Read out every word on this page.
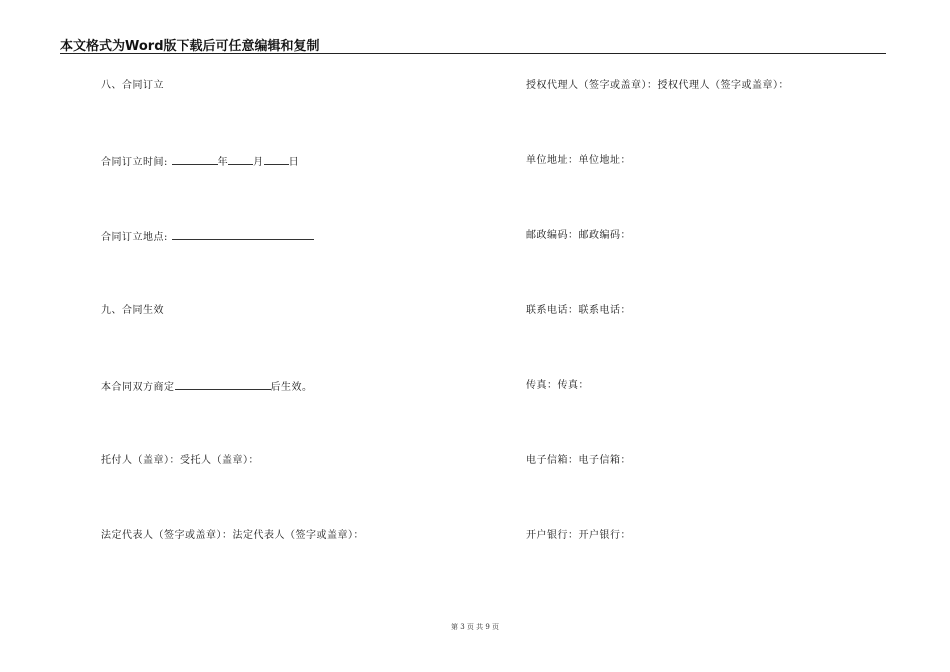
本文格式为Word版下载后可任意编辑和复制
八、合同订立
合同订立时间:	年	月	日
合同订立地点:
九、合同生效
本合同双方商定	后生效。
托付人（盖章）：受托人（盖章）：
法定代表人（签字或盖章）：法定代表人（签字或盖章）：
授权代理人（签字或盖章）：授权代理人（签字或盖章）：
单位地址：单位地址：
邮政编码：邮政编码：
联系电话：联系电话：
传真：传真：
电子信箱：电子信箱：
开户银行：开户银行：
第 3 页 共 9 页
